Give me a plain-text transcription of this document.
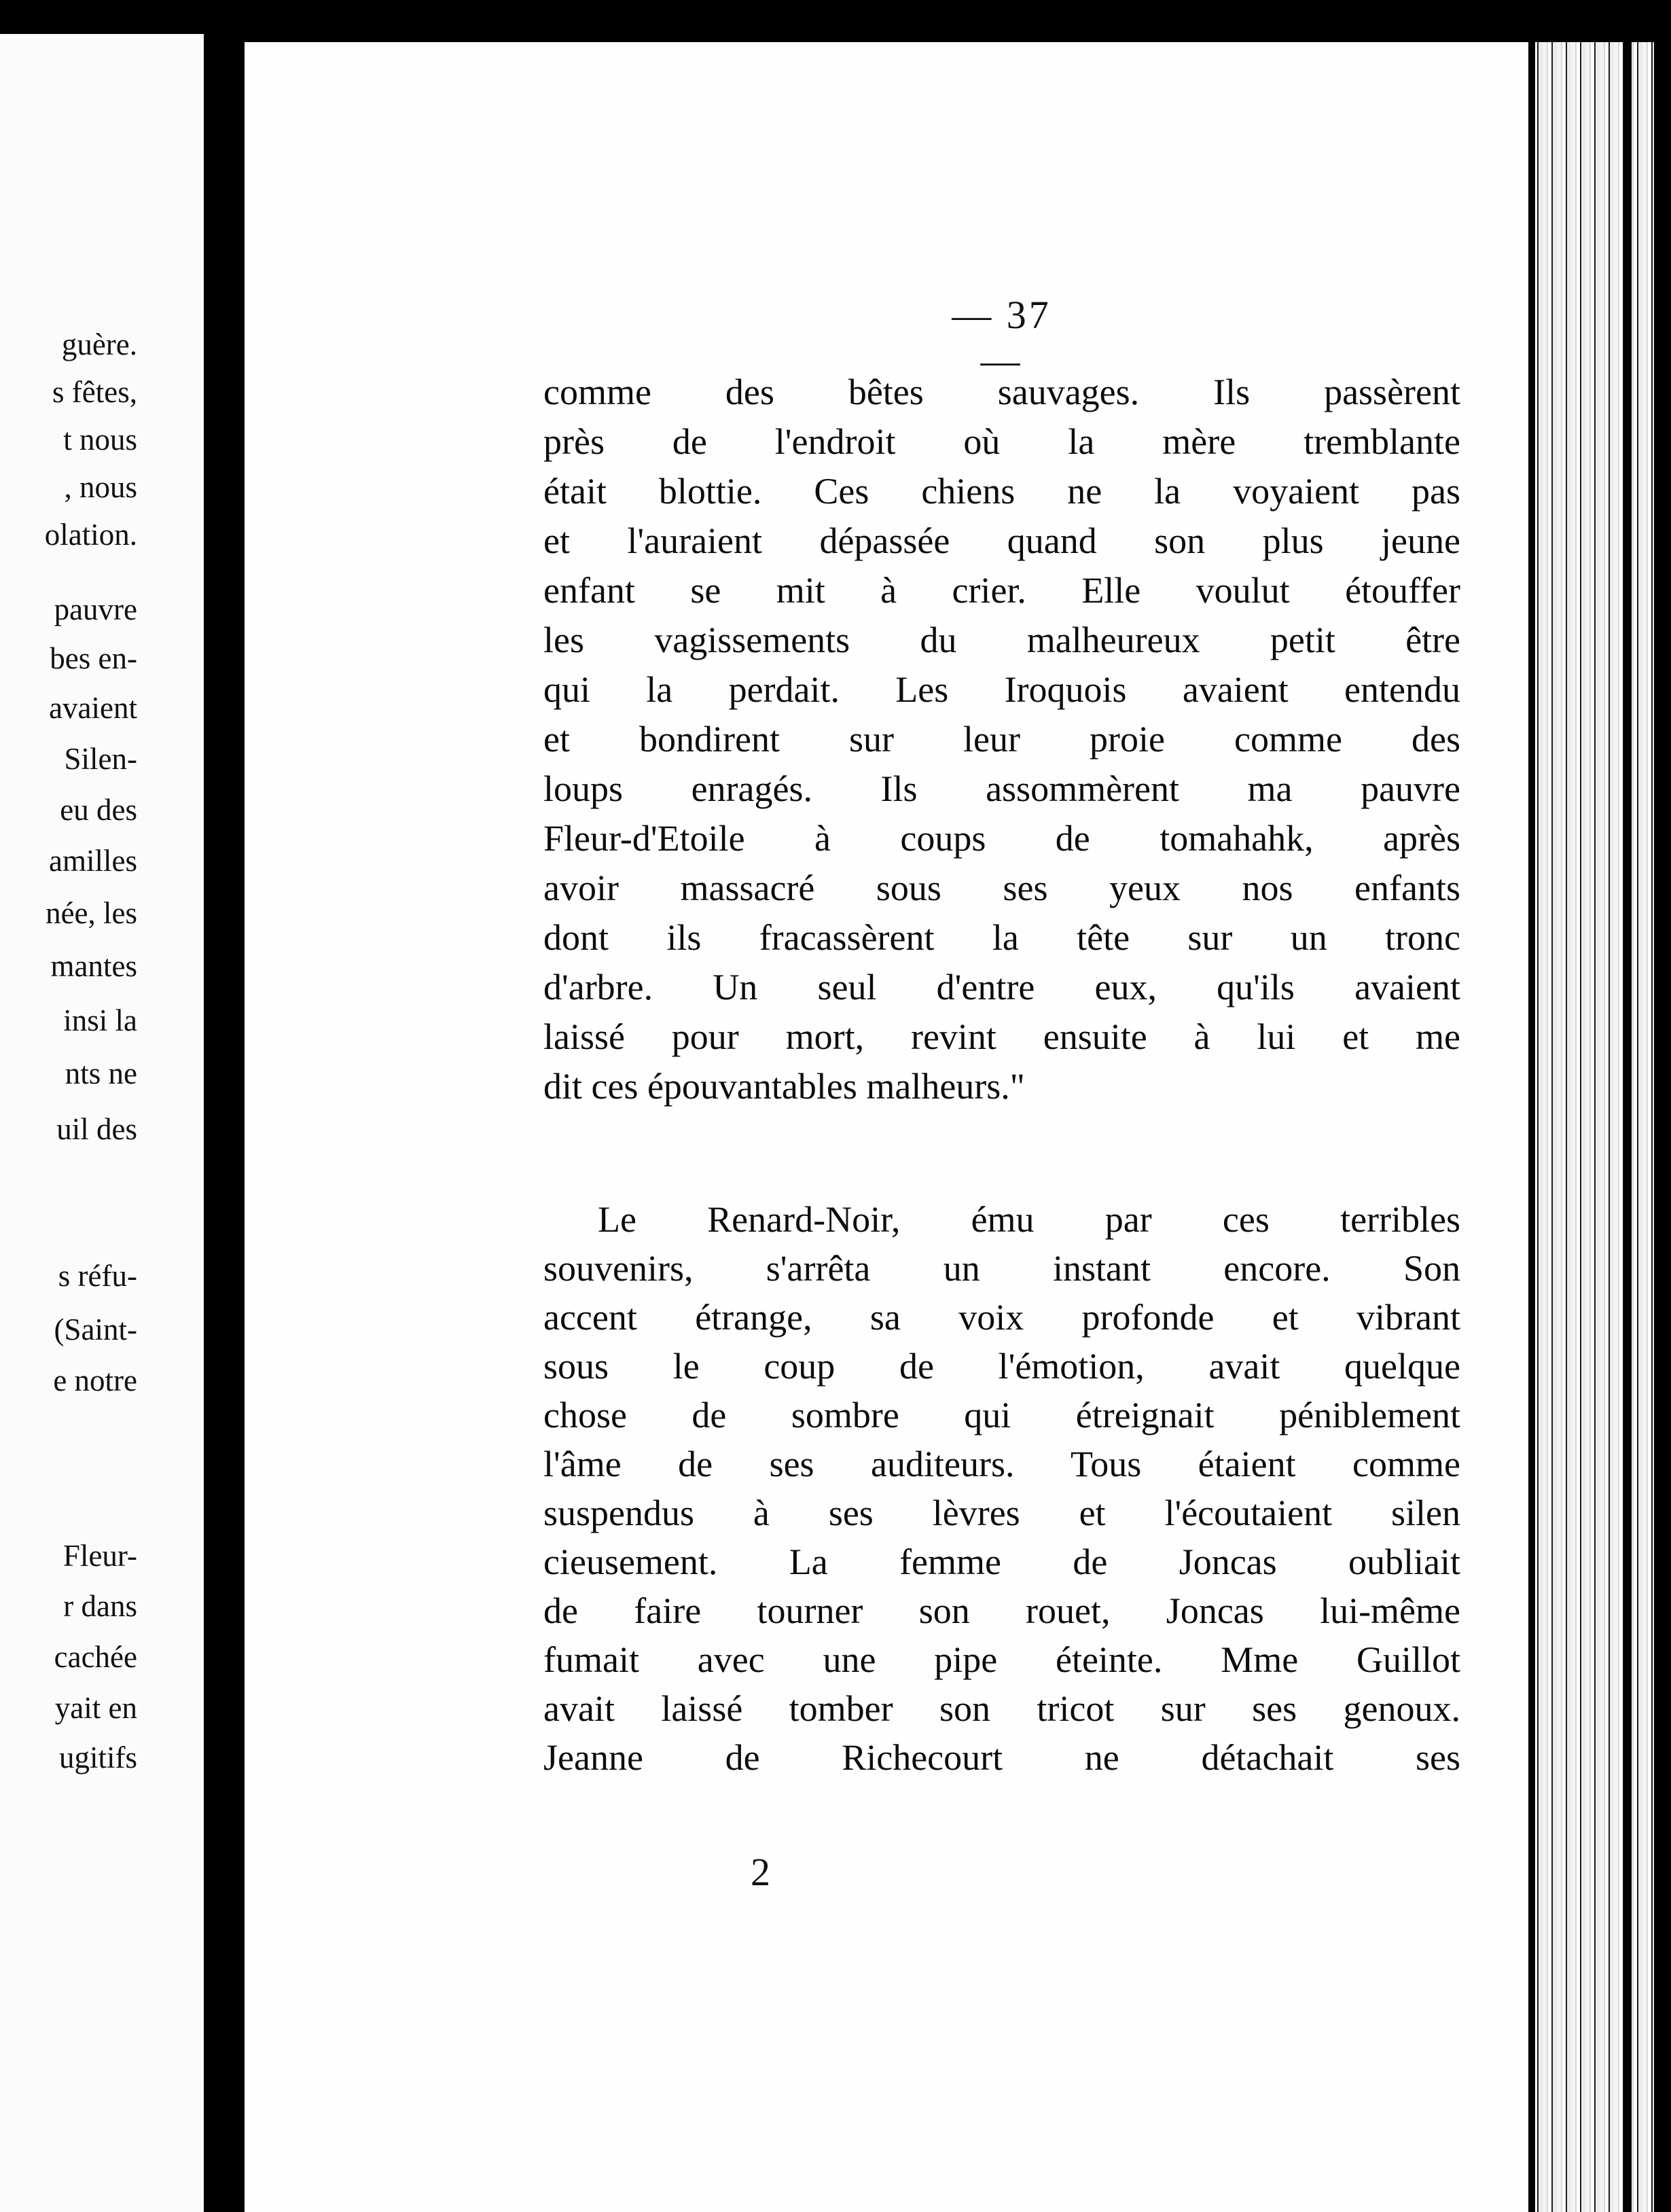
guère.
s fêtes,
t nous
, nous
olation.
pauvre
bes en-
avaient
Silen-
eu des
amilles
née, les
mantes
insi la
nts ne
uil des
s réfu-
(Saint-
e notre
Fleur-
r dans
cachée
yait en
ugitifs
— 37 —
comme des bêtes sauvages. Ils passèrent
près de l'endroit où la mère tremblante
était blottie. Ces chiens ne la voyaient pas
et l'auraient dépassée quand son plus jeune
enfant se mit à crier. Elle voulut étouffer
les vagissements du malheureux petit être
qui la perdait. Les Iroquois avaient entendu
et bondirent sur leur proie comme des
loups enragés. Ils assommèrent ma pauvre
Fleur-d'Etoile à coups de tomahahk, après
avoir massacré sous ses yeux nos enfants
dont ils fracassèrent la tête sur un tronc
d'arbre. Un seul d'entre eux, qu'ils avaient
laissé pour mort, revint ensuite à lui et me
dit ces épouvantables malheurs."
Le Renard-Noir, ému par ces terribles
souvenirs, s'arrêta un instant encore. Son
accent étrange, sa voix profonde et vibrant
sous le coup de l'émotion, avait quelque
chose de sombre qui étreignait péniblement
l'âme de ses auditeurs. Tous étaient comme
suspendus à ses lèvres et l'écoutaient silen
cieusement. La femme de Joncas oubliait
de faire tourner son rouet, Joncas lui-même
fumait avec une pipe éteinte. Mme Guillot
avait laissé tomber son tricot sur ses genoux.
Jeanne de Richecourt ne détachait ses
2
